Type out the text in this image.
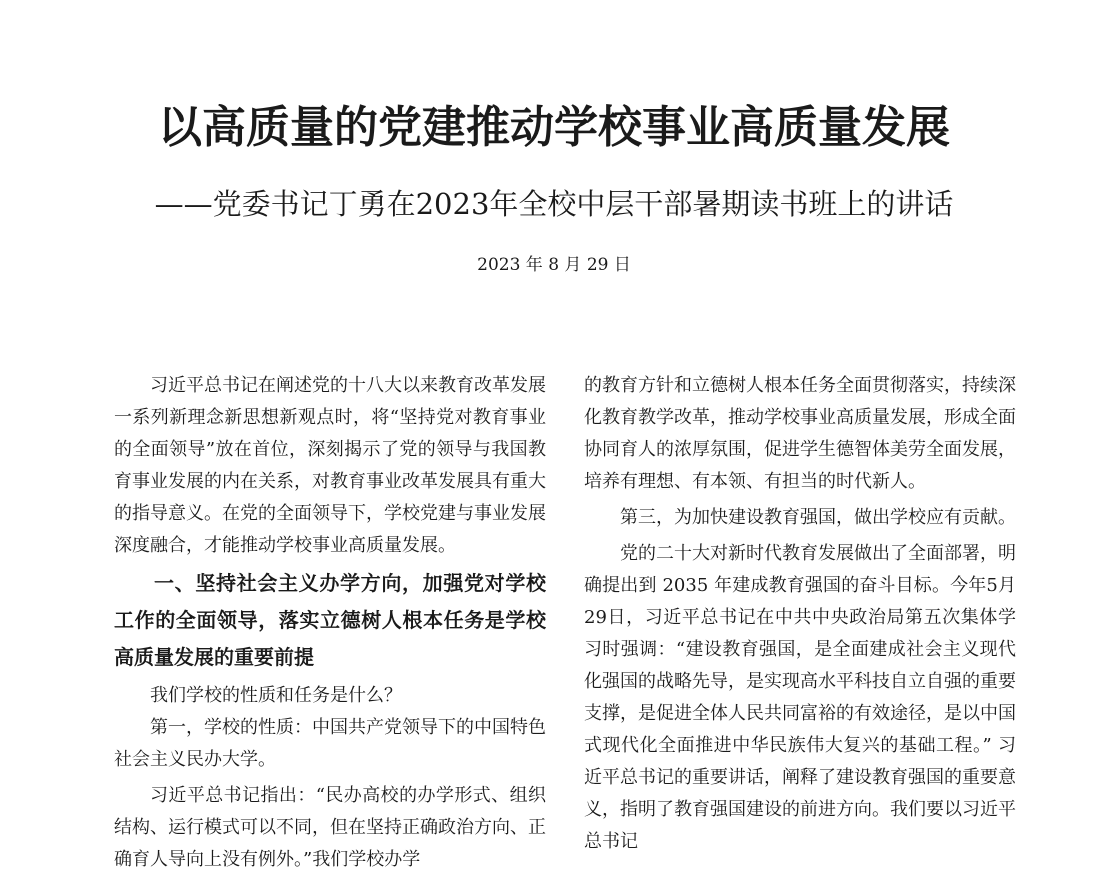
以高质量的党建推动学校事业高质量发展
——党委书记丁勇在2023年全校中层干部暑期读书班上的讲话
2023 年 8 月 29 日

习近平总书记在阐述党的十八大以来教育改革发展一系列新理念新思想新观点时，将“坚持党对教育事业的全面领导”放在首位，深刻揭示了党的领导与我国教育事业发展的内在关系，对教育事业改革发展具有重大的指导意义。在党的全面领导下，学校党建与事业发展深度融合，才能推动学校事业高质量发展。

一、坚持社会主义办学方向，加强党对学校工作的全面领导，落实立德树人根本任务是学校高质量发展的重要前提

我们学校的性质和任务是什么？

第一，学校的性质：中国共产党领导下的中国特色社会主义民办大学。

习近平总书记指出：“民办高校的办学形式、组织结构、运行模式可以不同，但在坚持正确政治方向、正确育人导向上没有例外。”我们学校办学

的教育方针和立德树人根本任务全面贯彻落实，持续深化教育教学改革，推动学校事业高质量发展，形成全面协同育人的浓厚氛围，促进学生德智体美劳全面发展，培养有理想、有本领、有担当的时代新人。

第三，为加快建设教育强国，做出学校应有贡献。

党的二十大对新时代教育发展做出了全面部署，明确提出到 2035 年建成教育强国的奋斗目标。今年5月29日，习近平总书记在中共中央政治局第五次集体学习时强调：“建设教育强国，是全面建成社会主义现代化强国的战略先导，是实现高水平科技自立自强的重要支撑，是促进全体人民共同富裕的有效途径，是以中国式现代化全面推进中华民族伟大复兴的基础工程。” 习近平总书记的重要讲话，阐释了建设教育强国的重要意义，指明了教育强国建设的前进方向。我们要以习近平总书记
